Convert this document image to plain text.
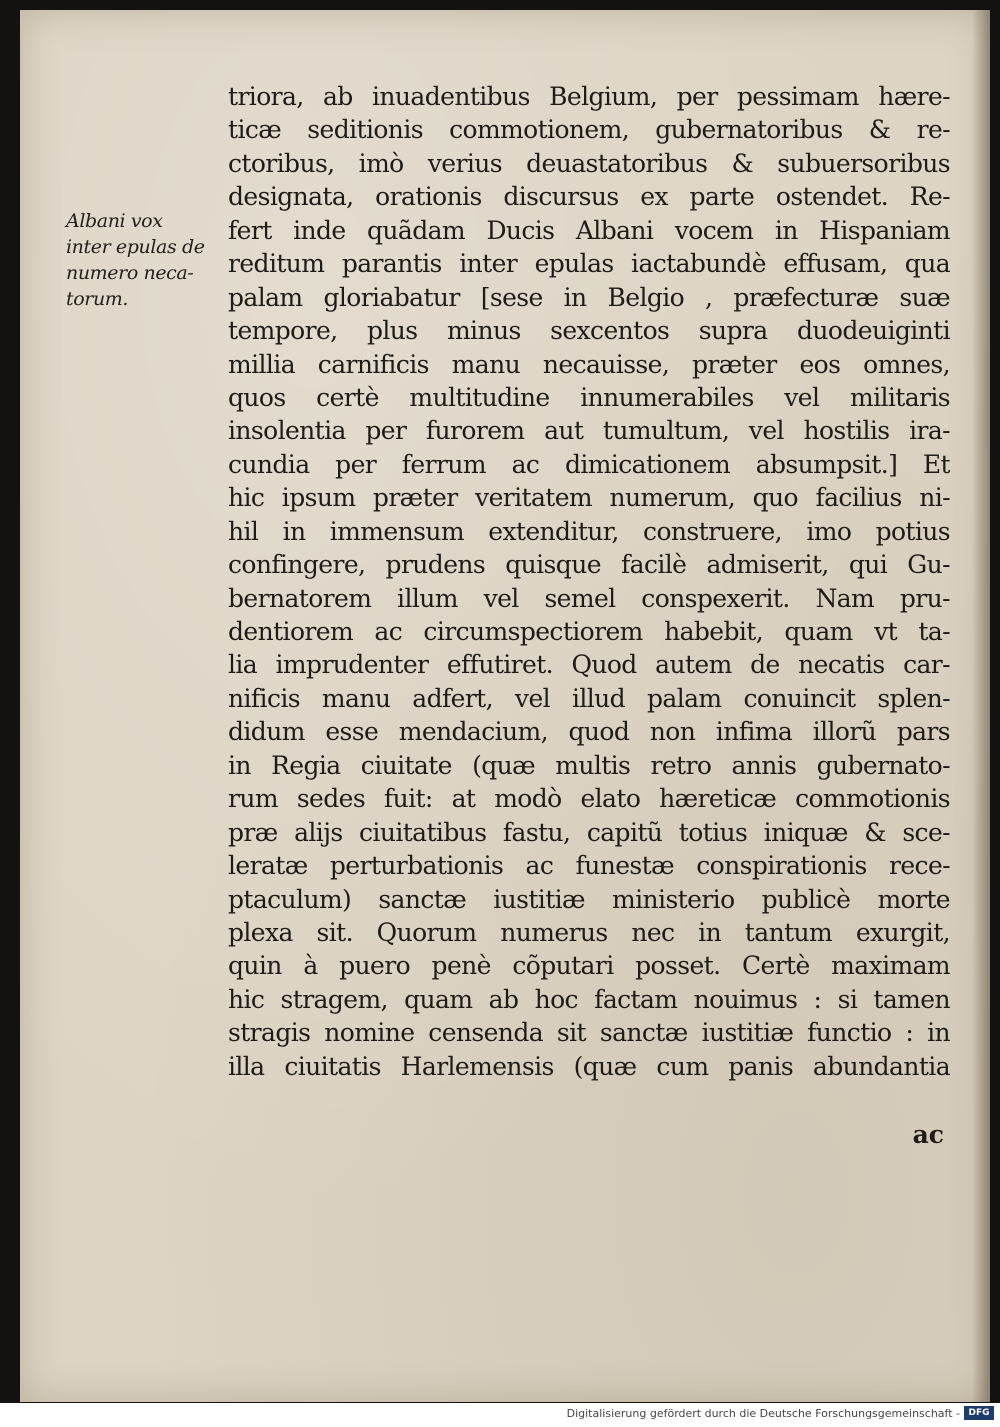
Albani vox
inter epulas de
numero neca-
torum.
triora, ab inuadentibus Belgium, per pessimam hære-
ticæ seditionis commotionem, gubernatoribus & re-
ctoribus, imò verius deuastatoribus & subuersoribus
designata, orationis discursus ex parte ostendet. Re-
fert inde quãdam Ducis Albani vocem in Hispaniam
reditum parantis inter epulas iactabundè effusam, qua
palam gloriabatur [sese in Belgio , præfecturæ suæ
tempore, plus minus sexcentos supra duodeuiginti
millia carnificis manu necauisse, præter eos omnes,
quos certè multitudine innumerabiles vel militaris
insolentia per furorem aut tumultum, vel hostilis ira-
cundia per ferrum ac dimicationem absumpsit.] Et
hic ipsum præter veritatem numerum, quo facilius ni-
hil in immensum extenditur, construere, imo potius
confingere, prudens quisque facilè admiserit, qui Gu-
bernatorem illum vel semel conspexerit. Nam pru-
dentiorem ac circumspectiorem habebit, quam vt ta-
lia imprudenter effutiret. Quod autem de necatis car-
nificis manu adfert, vel illud palam conuincit splen-
didum esse mendacium, quod non infima illorũ pars
in Regia ciuitate (quæ multis retro annis gubernato-
rum sedes fuit: at modò elato hæreticæ commotionis
præ alijs ciuitatibus fastu, capitũ totius iniquæ & sce-
leratæ perturbationis ac funestæ conspirationis rece-
ptaculum) sanctæ iustitiæ ministerio publicè morte
plexa sit. Quorum numerus nec in tantum exurgit,
quin à puero penè cõputari posset. Certè maximam
hic stragem, quam ab hoc factam nouimus : si tamen
stragis nomine censenda sit sanctæ iustitiæ functio : in
illa ciuitatis Harlemensis (quæ cum panis abundantia
ac
Digitalisierung gefördert durch die Deutsche Forschungsgemeinschaft - DFG
